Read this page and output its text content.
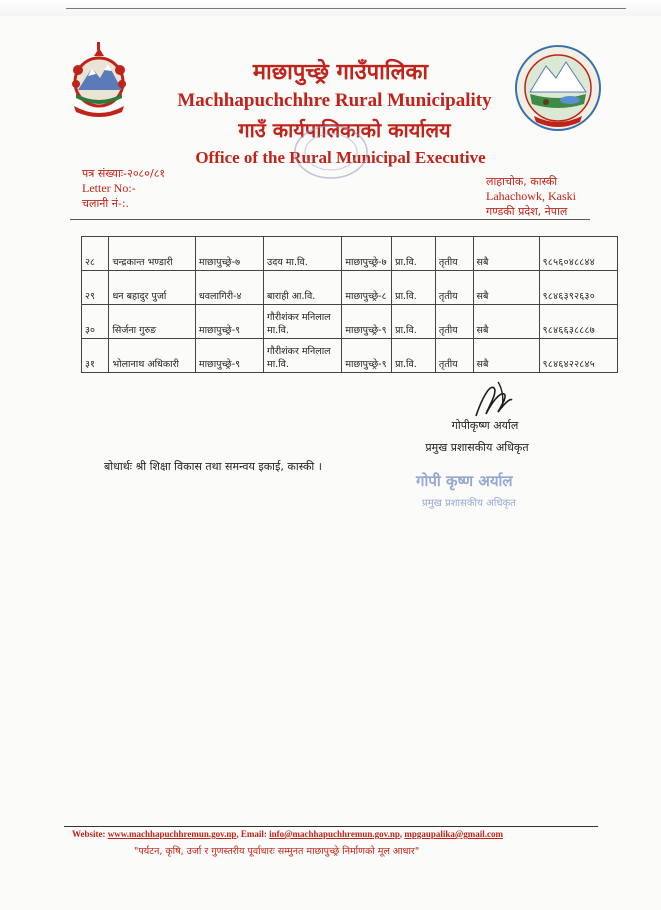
माछापुच्छ्रे गाउँपालिका
Machhapuchchhre Rural Municipality
गाउँ कार्यपालिकाको कार्यालय
Office of the Rural Municipal Executive
पत्र संख्याः-२०८०/८१
Letter No:-
चलानी नं-:.
लाहाचोक, कास्की
Lahachowk, Kaski
गण्डकी प्रदेश, नेपाल
२८	चन्द्रकान्त भण्डारी	माछापुच्छ्रे-७	उदय मा.वि.	माछापुच्छ्रे-७	प्रा.वि.	तृतीय	सबै	९८५६०४८८४४
२९	धन बहादुर पुर्जा	धवलागिरी-४	बाराही आ.वि.	माछापुच्छ्रे-८	प्रा.वि.	तृतीय	सबै	९८४६३९२६३०
३०	सिर्जना गुरुङ	माछापुच्छ्रे-९	गौरीशंकर मनिलाल मा.वि.	माछापुच्छ्रे-९	प्रा.वि.	तृतीय	सबै	९८४६६३८८८७
३१	भोलानाथ अधिकारी	माछापुच्छ्रे-९	गौरीशंकर मनिलाल मा.वि.	माछापुच्छ्रे-९	प्रा.वि.	तृतीय	सबै	९८४६४२२८४५
गोपीकृष्ण अर्याल
प्रमुख प्रशासकीय अधिकृत
बोधार्थः श्री शिक्षा विकास तथा समन्वय इकाई, कास्की ।
गोपी कृष्ण अर्याल
प्रमुख प्रशासकीय अधिकृत
Website: www.machhapuchhremun.gov.np, Email: info@machhapuchhremun.gov.np, mpgaupalika@gmail.com
"पर्यटन, कृषि, उर्जा र गुणस्तरीय पूर्वाधारः सम्मुनत माछापुच्छ्रे निर्माणको मूल आधार"
